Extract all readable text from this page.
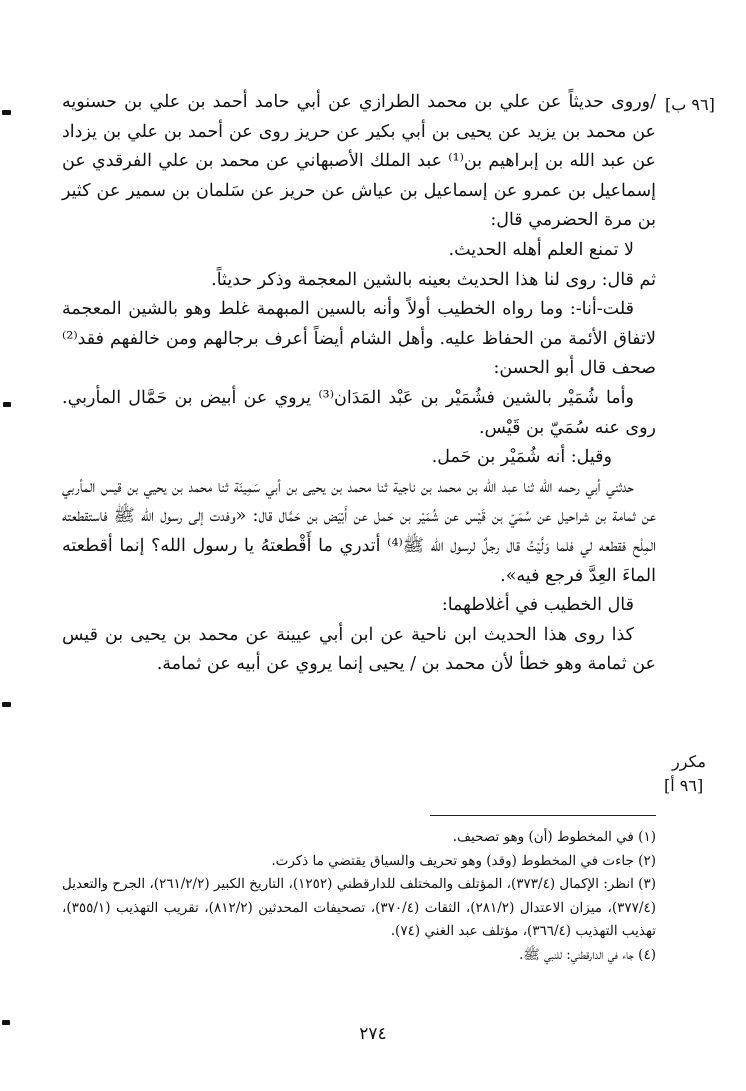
[٩٦ ب]
مكرر
[٩٦ أ]

/وروى حديثاً عن علي بن محمد الطرازي عن أبي حامد أحمد بن علي بن حسنويه عن محمد بن يزيد عن يحيى بن أبي بكير عن حريز روى عن أحمد بن علي بن يزداد عن عبد الله بن إبراهيم بن⁽¹⁾ عبد الملك الأصبهاني عن محمد بن علي الفرقدي عن إسماعيل بن عمرو عن إسماعيل بن عياش عن حريز عن سَلمان بن سمير عن كثير بن مرة الحضرمي قال:

لا تمنع العلم أهله الحديث.

ثم قال: روى لنا هذا الحديث بعينه بالشين المعجمة وذكر حديثاً.

قلت-أنا-: وما رواه الخطيب أولاً وأنه بالسين المبهمة غلط وهو بالشين المعجمة لاتفاق الأئمة من الحفاظ عليه. وأهل الشام أيضاً أعرف برجالهم ومن خالفهم فقد⁽²⁾ صحف قال أبو الحسن:

وأما شُمَيْر بالشين فشُمَيْر بن عَبْد المَدَان⁽³⁾ يروي عن أبيض بن حَمَّال المأربي. روى عنه سُمَيّ بن قَيْس.

وقيل: أنه شُمَيْر بن حَمل.

حدثني أبي رحمه الله ثنا عبد الله بن محمد بن ناجية ثنا محمد بن يحيى بن أبي سَمِينَة ثنا محمد بن يحيي بن قيس المأربي عن ثمامة بن شراحيل عن سُمَيّ بن قَيْس عن شُمَيْر بن حَمل عن أَبْيَض بن حَمَّال قال: «وفدت إلى رسول الله ﷺ فاستقطعته المِلْح فقطعه لي فلما وَلَّيْتُ قال رجلٌ لرسول الله ﷺ⁽⁴⁾ أتدري ما أَقْطعتهُ يا رسول الله؟ إنما أقطعته الماءَ العِدَّ فرجع فيه».

قال الخطيب في أغلاطهما:

كذا روى هذا الحديث ابن ناحية عن ابن أبي عيينة عن محمد بن يحيى بن قيس عن ثمامة وهو خطأ لأن محمد بن / يحيى إنما يروي عن أبيه عن ثمامة.

(١) في المخطوط (أن) وهو تصحيف.

(٢) جاءت في المخطوط (وقد) وهو تحريف والسياق يقتضي ما ذكرت.

(٣) انظر: الإكمال (٣٧٣/٤)، المؤتلف والمختلف للدارقطني (١٢٥٢)، التاريخ الكبير (٢٦١/٢/٢)، الجرح والتعديل (٣٧٧/٤)، ميزان الاعتدال (٢٨١/٢)، الثقات (٣٧٠/٤)، تصحيفات المحدثين (٨١٢/٢)، تقريب التهذيب (٣٥٥/١)، تهذيب التهذيب (٣٦٦/٤)، مؤتلف عبد الغني (٧٤).

(٤) جاء في الدارقطني: للنبي ﷺ.

٢٧٤
